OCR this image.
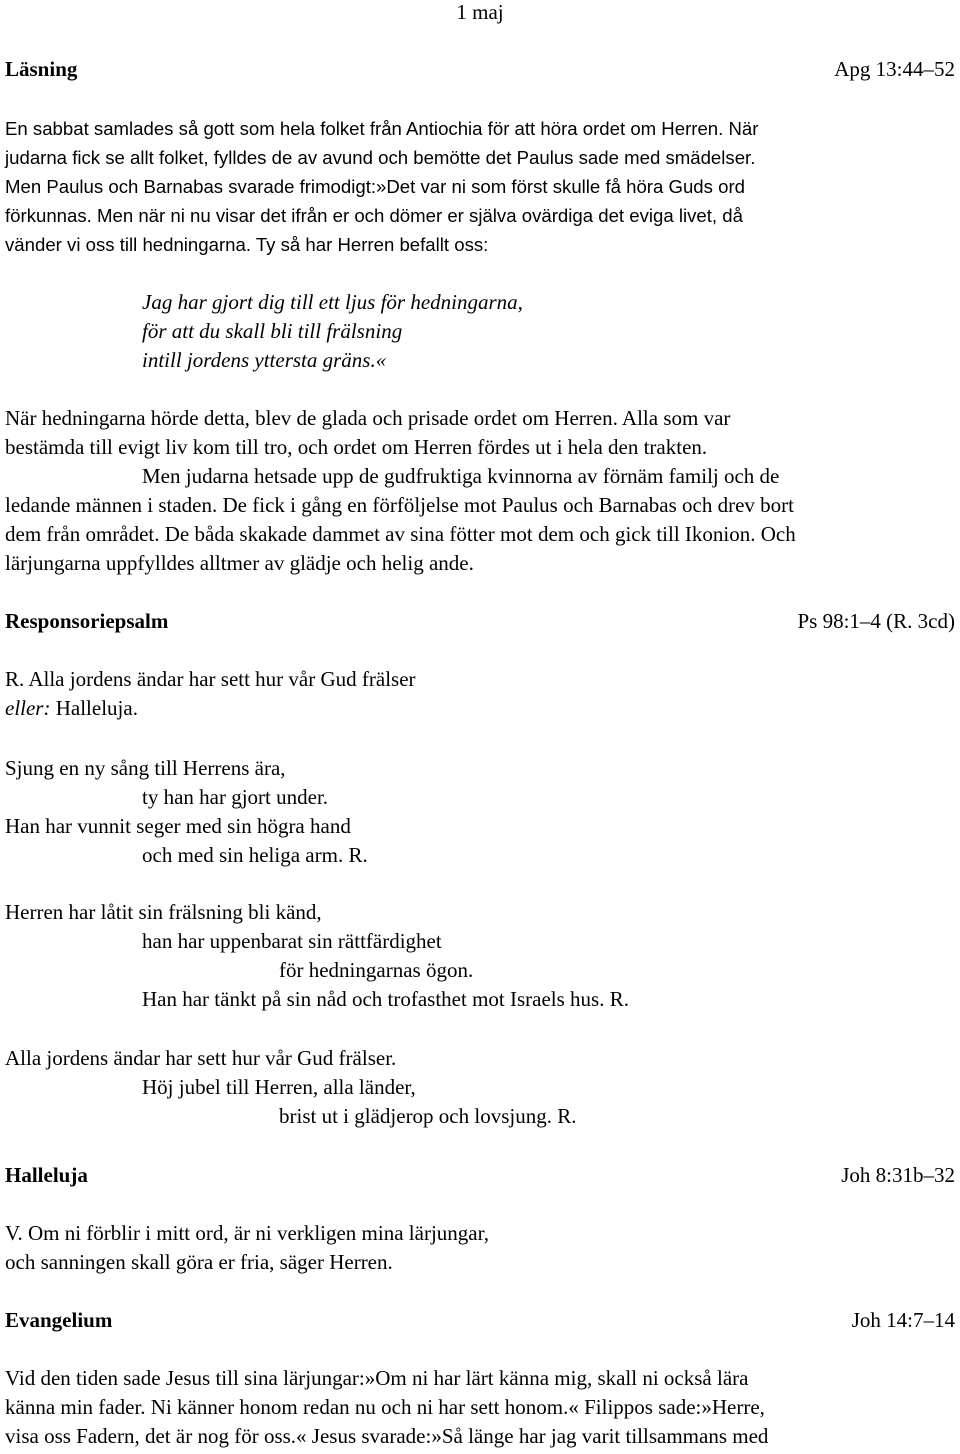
1 maj
Läsning	Apg 13:44–52
En sabbat samlades så gott som hela folket från Antiochia för att höra ordet om Herren. När
judarna fick se allt folket, fylldes de av avund och bemötte det Paulus sade med smädelser.
Men Paulus och Barnabas svarade frimodigt:»Det var ni som först skulle få höra Guds ord
förkunnas. Men när ni nu visar det ifrån er och dömer er själva ovärdiga det eviga livet, då
vänder vi oss till hedningarna. Ty så har Herren befallt oss:
Jag har gjort dig till ett ljus för hedningarna,
för att du skall bli till frälsning
intill jordens yttersta gräns.«
När hedningarna hörde detta, blev de glada och prisade ordet om Herren. Alla som var
bestämda till evigt liv kom till tro, och ordet om Herren fördes ut i hela den trakten.
Men judarna hetsade upp de gudfruktiga kvinnorna av förnäm familj och de
ledande männen i staden. De fick i gång en förföljelse mot Paulus och Barnabas och drev bort
dem från området. De båda skakade dammet av sina fötter mot dem och gick till Ikonion. Och
lärjungarna uppfylldes alltmer av glädje och helig ande.
Responsoriepsalm	Ps 98:1–4 (R. 3cd)
R. Alla jordens ändar har sett hur vår Gud frälser
eller: Halleluja.
Sjung en ny sång till Herrens ära,
ty han har gjort under.
Han har vunnit seger med sin högra hand
och med sin heliga arm. R.
Herren har låtit sin frälsning bli känd,
han har uppenbarat sin rättfärdighet
för hedningarnas ögon.
Han har tänkt på sin nåd och trofasthet mot Israels hus. R.
Alla jordens ändar har sett hur vår Gud frälser.
Höj jubel till Herren, alla länder,
brist ut i glädjerop och lovsjung. R.
Halleluja	Joh 8:31b–32
V. Om ni förblir i mitt ord, är ni verkligen mina lärjungar,
och sanningen skall göra er fria, säger Herren.
Evangelium	Joh 14:7–14
Vid den tiden sade Jesus till sina lärjungar:»Om ni har lärt känna mig, skall ni också lära
känna min fader. Ni känner honom redan nu och ni har sett honom.« Filippos sade:»Herre,
visa oss Fadern, det är nog för oss.« Jesus svarade:»Så länge har jag varit tillsammans med
